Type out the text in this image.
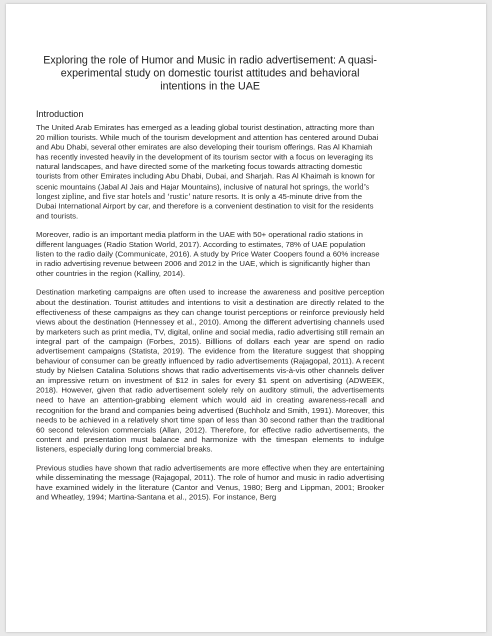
Exploring the role of Humor and Music in radio advertisement: A quasi-experimental study on domestic tourist attitudes and behavioral intentions in the UAE
Introduction

The United Arab Emirates has emerged as a leading global tourist destination, attracting more than 20 million tourists. While much of the tourism development and attention has centered around Dubai and Abu Dhabi, several other emirates are also developing their tourism offerings. Ras Al Khamiah has recently invested heavily in the development of its tourism sector with a focus on leveraging its natural landscapes, and have directed some of the marketing focus towards attracting domestic tourists from other Emirates including Abu Dhabi, Dubai, and Sharjah. Ras Al Khaimah is known for scenic mountains (Jabal Al Jais and Hajar Mountains), inclusive of natural hot springs, the world’s longest zipline, and five star hotels and ‘rustic’ nature resorts. It is only a 45-minute drive from the Dubai International Airport by car, and therefore is a convenient destination to visit for the residents and tourists.

Moreover, radio is an important media platform in the UAE with 50+ operational radio stations in different languages (Radio Station World, 2017). According to estimates, 78% of UAE population listen to the radio daily (Communicate, 2016). A study by Price Water Coopers found a 60% increase in radio advertising revenue between 2006 and 2012 in the UAE, which is significantly higher than other countries in the region (Kalliny, 2014).

Destination marketing campaigns are often used to increase the awareness and positive perception about the destination. Tourist attitudes and intentions to visit a destination are directly related to the effectiveness of these campaigns as they can change tourist perceptions or reinforce previously held views about the destination (Hennessey et al., 2010). Among the different advertising channels used by marketers such as print media, TV, digital, online and social media, radio advertising still remain an integral part of the campaign (Forbes, 2015). Billlions of dollars each year are spend on radio advertisement campaigns (Statista, 2019). The evidence from the literature suggest that shopping behaviour of consumer can be greatly influenced by radio advertisements (Rajagopal, 2011). A recent study by Nielsen Catalina Solutions shows that radio advertisements vis-à-vis other channels deliver an impressive return on investment of $12 in sales for every $1 spent on advertising (ADWEEK, 2018). However, given that radio advertisement solely rely on auditory stimuli, the advertisements need to have an attention-grabbing element which would aid in creating awareness-recall and recognition for the brand and companies being advertised (Buchholz and Smith, 1991). Moreover, this needs to be achieved in a relatively short time span of less than 30 second rather than the traditional 60 second television commercials (Allan, 2012). Therefore, for effective radio advertisements, the content and presentation must balance and harmonize with the timespan elements to indulge listeners, especially during long commercial breaks.

Previous studies have shown that radio advertisements are more effective when they are entertaining while disseminating the message (Rajagopal, 2011). The role of humor and music in radio advertising have examined widely in the literature (Cantor and Venus, 1980; Berg and Lippman, 2001; Brooker and Wheatley, 1994; Martina-Santana et al., 2015). For instance, Berg
